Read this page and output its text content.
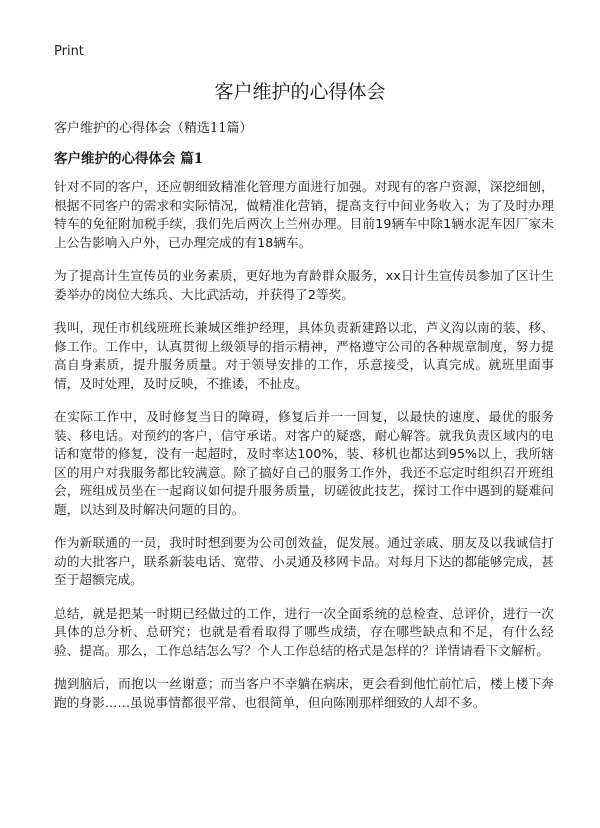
Print
客户维护的心得体会

客户维护的心得体会（精选11篇）

客户维护的心得体会 篇1

针对不同的客户，还应朝细致精准化管理方面进行加强。对现有的客户资源，深挖细刨，根据不同客户的需求和实际情况，做精准化营销，提高支行中间业务收入；为了及时办理特车的免征附加税手续，我们先后两次上兰州办理。目前19辆车中除1辆水泥车因厂家未上公告影响入户外，已办理完成的有18辆车。

为了提高计生宣传员的业务素质，更好地为育龄群众服务，xx日计生宣传员参加了区计生委举办的岗位大练兵、大比武活动，并获得了2等奖。

我叫，现任市机线班班长兼城区维护经理，具体负责新建路以北，芦义沟以南的装、移、修工作。工作中，认真贯彻上级领导的指示精神，严格遵守公司的各种规章制度，努力提高自身素质，提升服务质量。对于领导安排的工作，乐意接受，认真完成。就班里面事情，及时处理，及时反映，不推诿，不扯皮。

在实际工作中，及时修复当日的障碍，修复后并一一回复，以最快的速度、最优的服务装、移电话。对预约的客户，信守承诺。对客户的疑惑，耐心解答。就我负责区域内的电话和宽带的修复，没有一起超时，及时率达100%，装、移机也都达到95%以上，我所辖区的用户对我服务都比较满意。除了搞好自己的服务工作外，我还不忘定时组织召开班组会，班组成员坐在一起商议如何提升服务质量，切磋彼此技艺，探讨工作中遇到的疑难问题，以达到及时解决问题的目的。

作为新联通的一员，我时时想到要为公司创效益，促发展。通过亲戚、朋友及以我诚信打动的大批客户，联系新装电话、宽带、小灵通及移网卡品。对每月下达的都能够完成，甚至于超额完成。

总结，就是把某一时期已经做过的工作，进行一次全面系统的总检查、总评价，进行一次具体的总分析、总研究；也就是看看取得了哪些成绩，存在哪些缺点和不足，有什么经验、提高。那么，工作总结怎么写？个人工作总结的格式是怎样的？详情请看下文解析。

抛到脑后，而抱以一丝谢意；而当客户不幸躺在病床，更会看到他忙前忙后，楼上楼下奔跑的身影……虽说事情都很平常、也很简单，但向陈刚那样细致的人却不多。
